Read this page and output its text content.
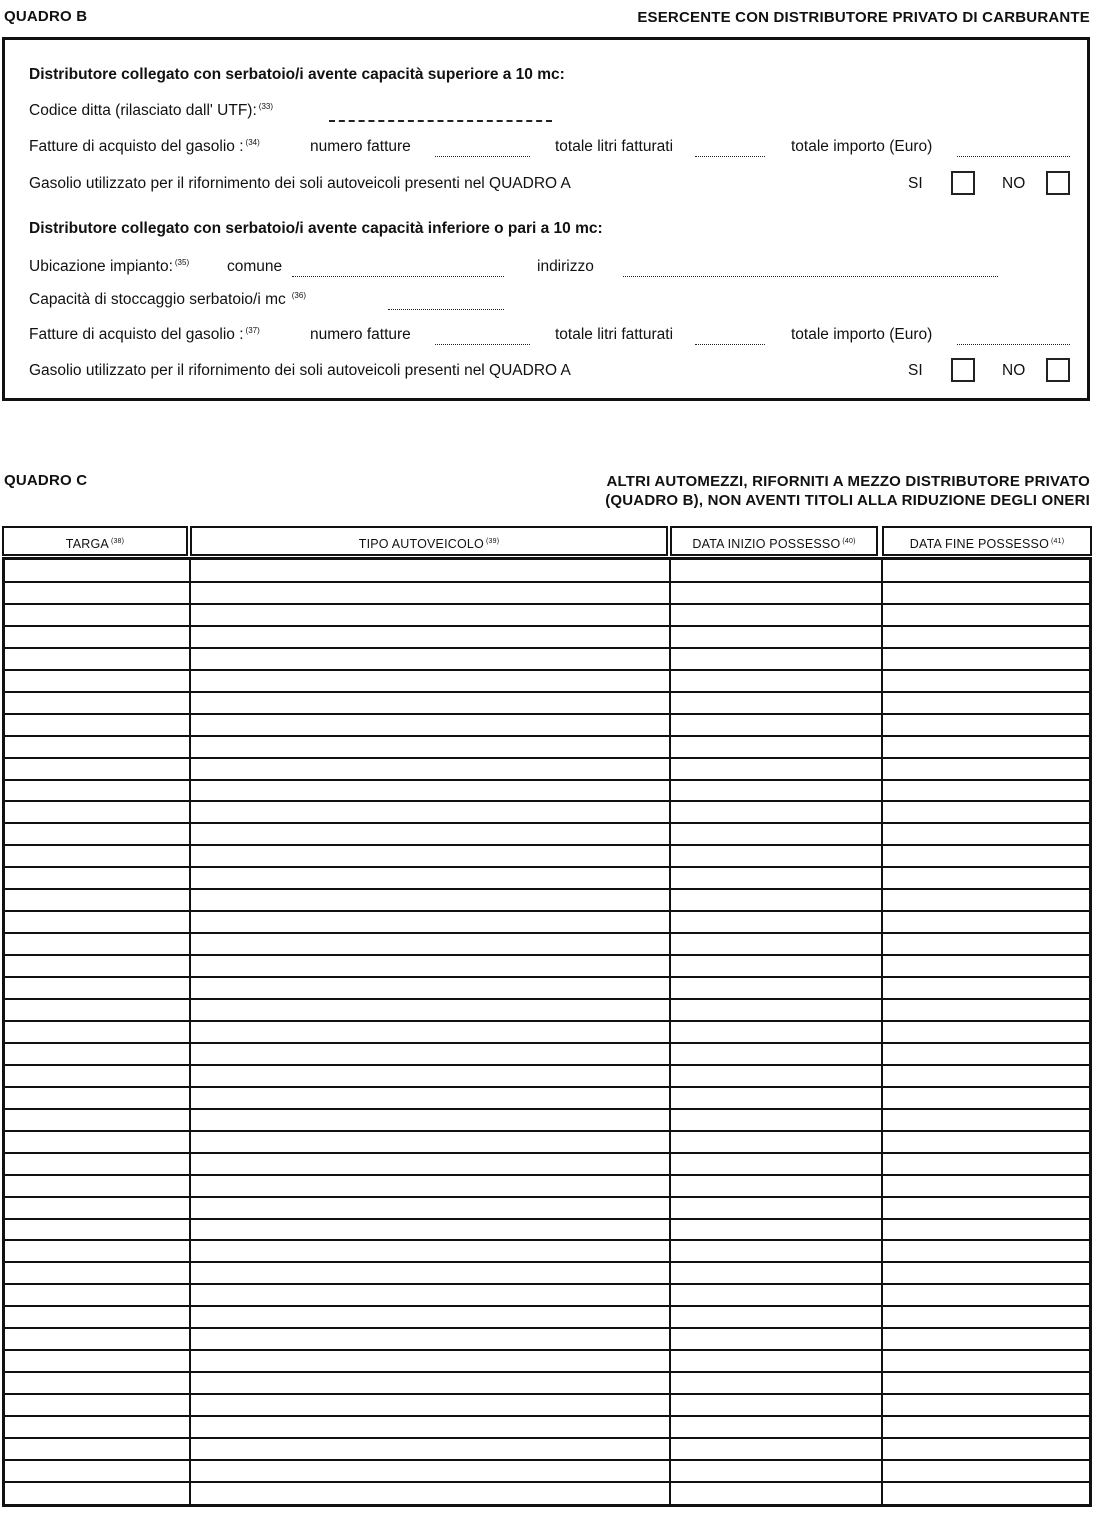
QUADRO B	ESERCENTE CON DISTRIBUTORE PRIVATO DI CARBURANTE
Distributore collegato con serbatoio/i avente capacità superiore a 10 mc:
Codice ditta (rilasciato dall' UTF): $^{(33)}$
Fatture di acquisto del gasolio : $^{(34)}$	numero fatture	totale litri fatturati	totale importo (Euro)
Gasolio utilizzato per il rifornimento dei soli autoveicoli presenti nel QUADRO A	SI	NO
Distributore collegato con serbatoio/i avente capacità inferiore o pari a 10 mc:
Ubicazione impianto: $^{(35)}$ comune	indirizzo
Capacità di stoccaggio serbatoio/i mc $^{(36)}$
Fatture di acquisto del gasolio : $^{(37)}$	numero fatture	totale litri fatturati	totale importo (Euro)
Gasolio utilizzato per il rifornimento dei soli autoveicoli presenti nel QUADRO A	SI	NO
QUADRO C	ALTRI AUTOMEZZI, RIFORNITI A MEZZO DISTRIBUTORE PRIVATO
(QUADRO B), NON AVENTI TITOLI ALLA RIDUZIONE DEGLI ONERI
TARGA $^{(38)}$	TIPO AUTOVEICOLO $^{(39)}$	DATA INIZIO POSSESSO $^{(40)}$	DATA FINE POSSESSO $^{(41)}$
